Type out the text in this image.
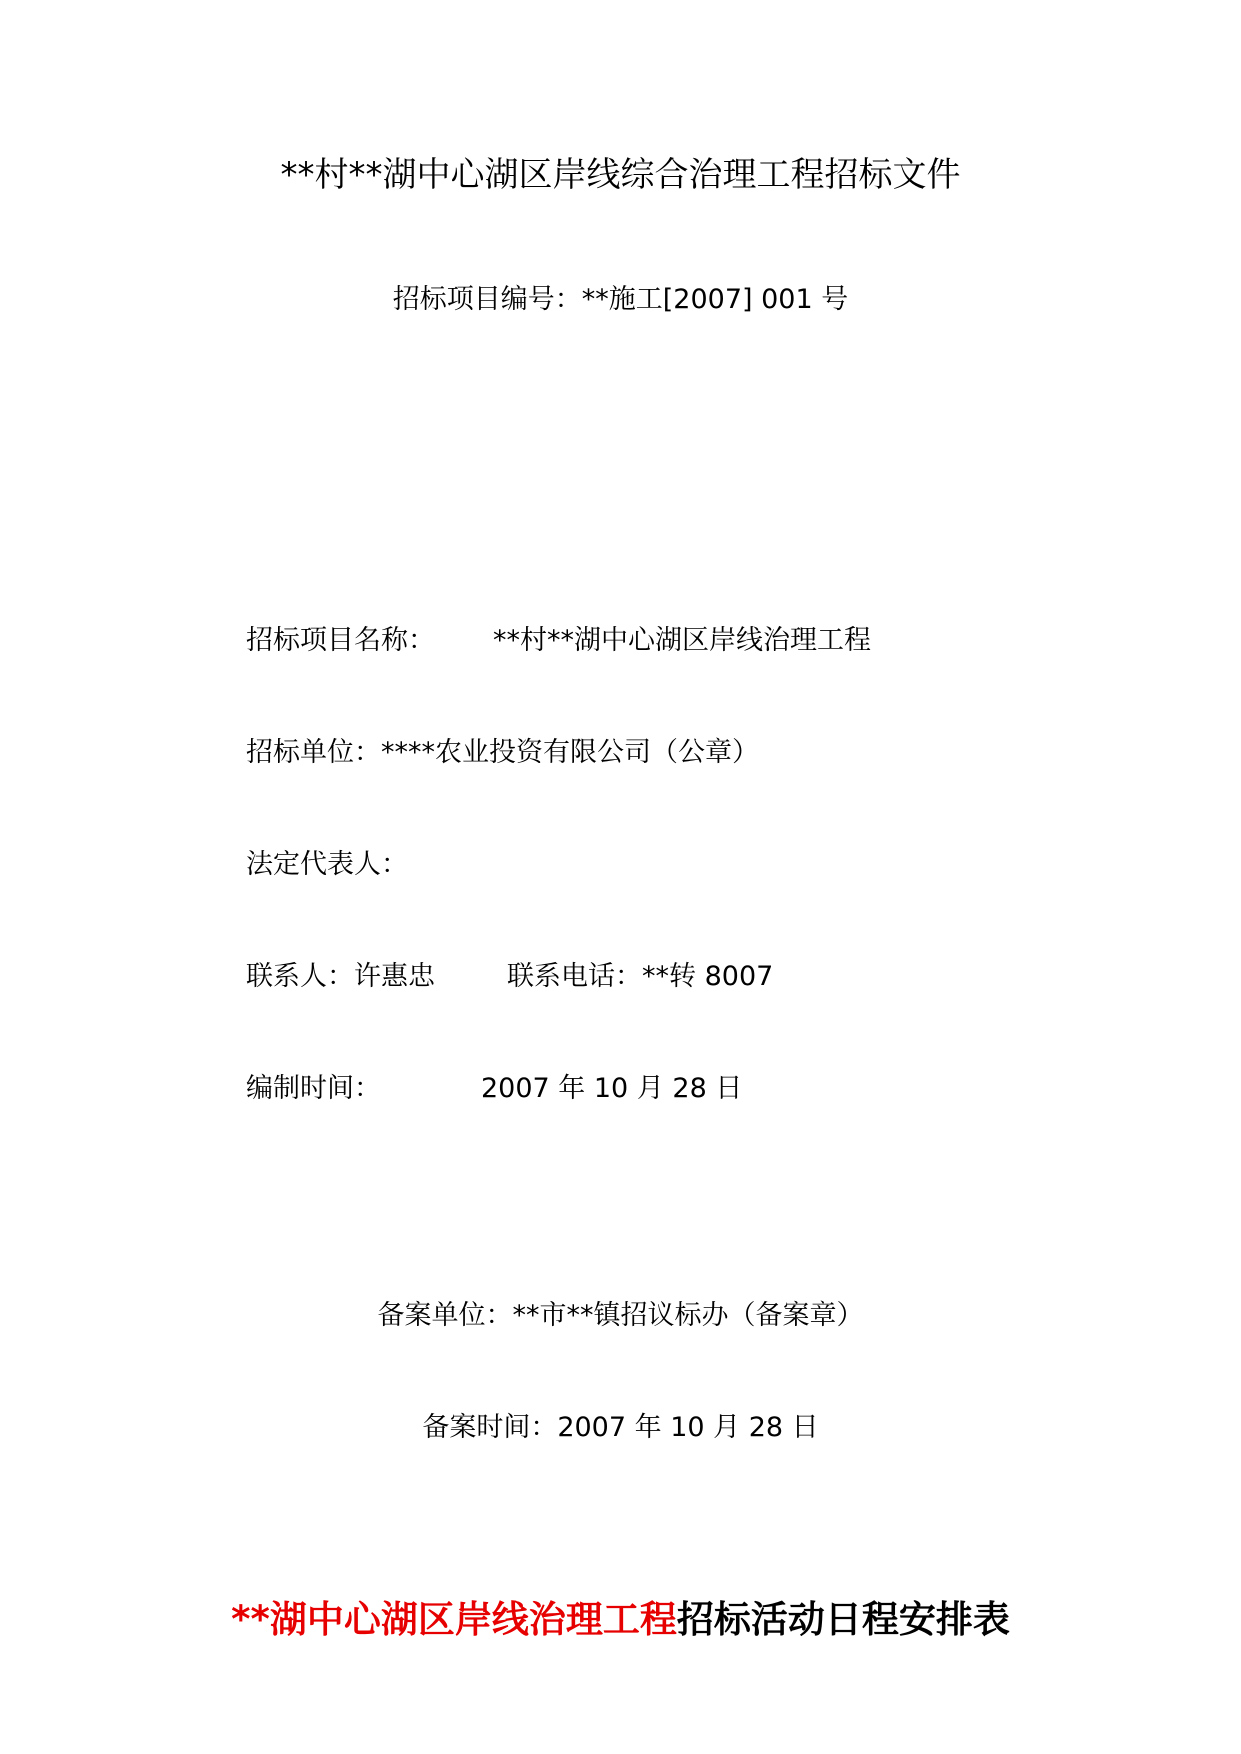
**村**湖中心湖区岸线综合治理工程招标文件
招标项目编号：**施工[2007] 001 号
招标项目名称： **村**湖中心湖区岸线治理工程
招标单位：****农业投资有限公司（公章）
法定代表人：
联系人：许惠忠	联系电话：**转 8007
编制时间：	2007 年 10 月 28 日
备案单位：**市**镇招议标办（备案章）
备案时间：2007 年 10 月 28 日
**湖中心湖区岸线治理工程招标活动日程安排表
